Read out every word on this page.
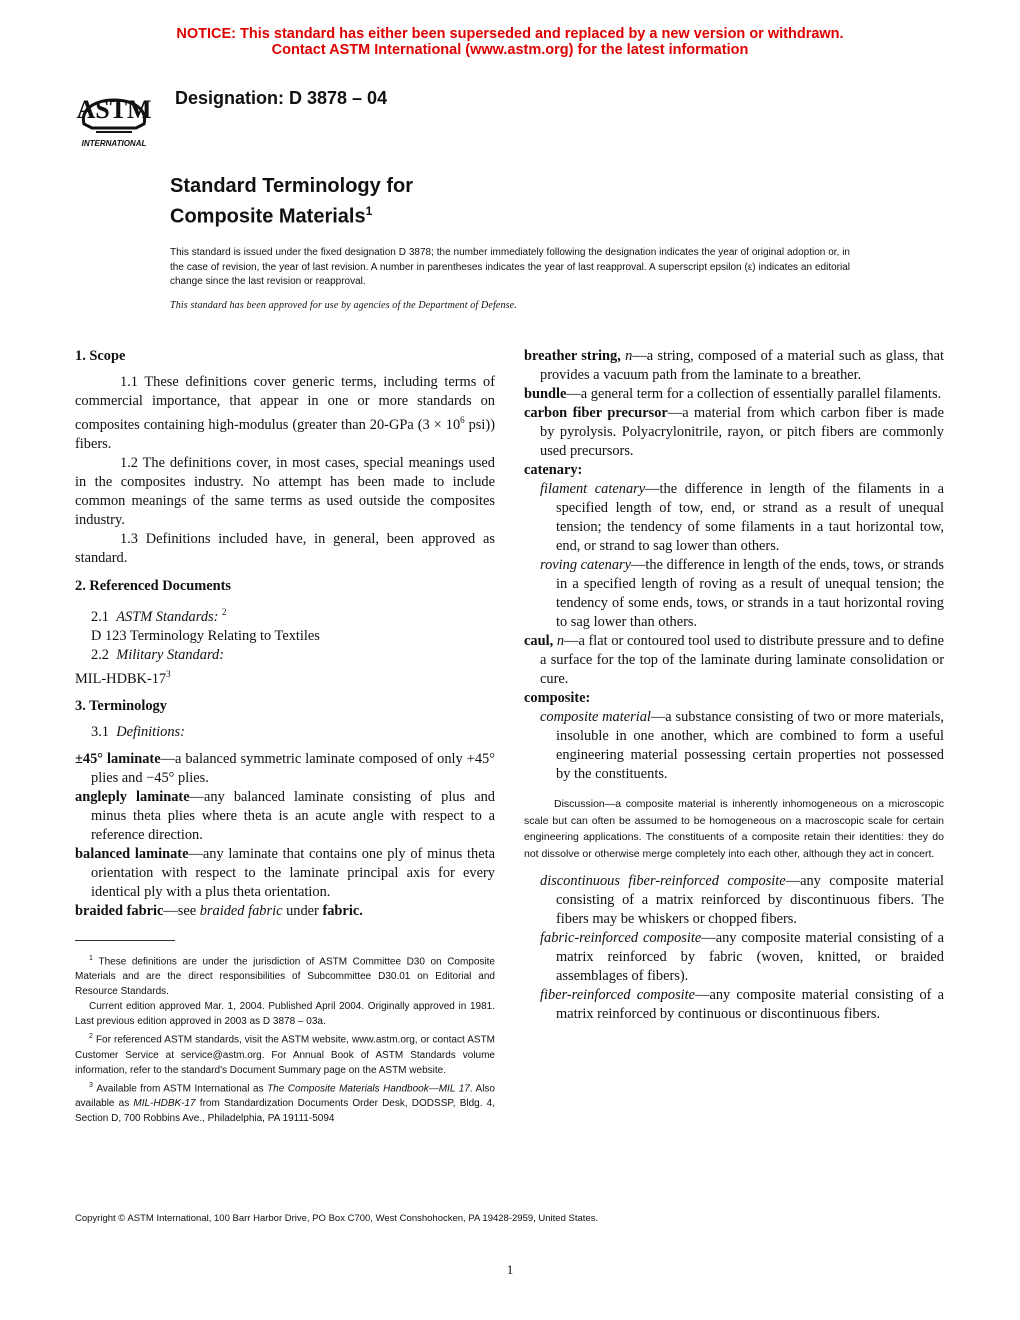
NOTICE: This standard has either been superseded and replaced by a new version or withdrawn.
Contact ASTM International (www.astm.org) for the latest information
ASTM
INTERNATIONAL
Designation: D 3878 – 04
Standard Terminology for
Composite Materials$^1$
This standard is issued under the fixed designation D 3878; the number immediately following the designation indicates the year of original adoption or, in the case of revision, the year of last revision. A number in parentheses indicates the year of last reapproval. A superscript epsilon (ε) indicates an editorial change since the last revision or reapproval.
This standard has been approved for use by agencies of the Department of Defense.

1. Scope

1.1 These definitions cover generic terms, including terms of commercial importance, that appear in one or more standards on composites containing high-modulus (greater than 20-GPa ($3 \times 10^6$ psi)) fibers.

1.2 The definitions cover, in most cases, special meanings used in the composites industry. No attempt has been made to include common meanings of the same terms as used outside the composites industry.

1.3 Definitions included have, in general, been approved as standard.

2. Referenced Documents

2.1 ASTM Standards: $^2$

D 123 Terminology Relating to Textiles

2.2 Military Standard:

MIL-$HDBK-17^3$

3. Terminology

3.1 Definitions:

±45° laminate—a balanced symmetric laminate composed of only +45° plies and −45° plies.

angleply laminate—any balanced laminate consisting of plus and minus theta plies where theta is an acute angle with respect to a reference direction.

balanced laminate—any laminate that contains one ply of minus theta orientation with respect to the laminate principal axis for every identical ply with a plus theta orientation.

braided fabric—see braided fabric under fabric.

breather string, n—a string, composed of a material such as glass, that provides a vacuum path from the laminate to a breather.

bundle—a general term for a collection of essentially parallel filaments.

carbon fiber precursor—a material from which carbon fiber is made by pyrolysis. Polyacrylonitrile, rayon, or pitch fibers are commonly used precursors.

catenary:

filament catenary—the difference in length of the filaments in a specified length of tow, end, or strand as a result of unequal tension; the tendency of some filaments in a taut horizontal tow, end, or strand to sag lower than others.

roving catenary—the difference in length of the ends, tows, or strands in a specified length of roving as a result of unequal tension; the tendency of some ends, tows, or strands in a taut horizontal roving to sag lower than others.

caul, n—a flat or contoured tool used to distribute pressure and to define a surface for the top of the laminate during laminate consolidation or cure.

composite:

composite material—a substance consisting of two or more materials, insoluble in one another, which are combined to form a useful engineering material possessing certain properties not possessed by the constituents.

Discussion—a composite material is inherently inhomogeneous on a microscopic scale but can often be assumed to be homogeneous on a macroscopic scale for certain engineering applications. The constituents of a composite retain their identities: they do not dissolve or otherwise merge completely into each other, although they act in concert.

discontinuous fiber-reinforced composite—any composite material consisting of a matrix reinforced by discontinuous fibers. The fibers may be whiskers or chopped fibers.

fabric-reinforced composite—any composite material consisting of a matrix reinforced by fabric (woven, knitted, or braided assemblages of fibers).

fiber-reinforced composite—any composite material consisting of a matrix reinforced by continuous or discontinuous fibers.

$^1$ These definitions are under the jurisdiction of ASTM Committee D30 on Composite Materials and are the direct responsibilities of Subcommittee D30.01 on Editorial and Resource Standards.

Current edition approved Mar. 1, 2004. Published April 2004. Originally approved in 1981. Last previous edition approved in 2003 as D 3878 – 03a.

$^2$ For referenced ASTM standards, visit the ASTM website, www.astm.org, or contact ASTM Customer Service at service@astm.org. For Annual Book of ASTM Standards volume information, refer to the standard's Document Summary page on the ASTM website.

$^3$ Available from ASTM International as The Composite Materials Handbook—MIL 17. Also available as MIL-HDBK-17 from Standardization Documents Order Desk, DODSSP, Bldg. 4, Section D, 700 Robbins Ave., Philadelphia, PA 19111-5094

Copyright © ASTM International, 100 Barr Harbor Drive, PO Box C700, West Conshohocken, PA 19428-2959, United States.
1
